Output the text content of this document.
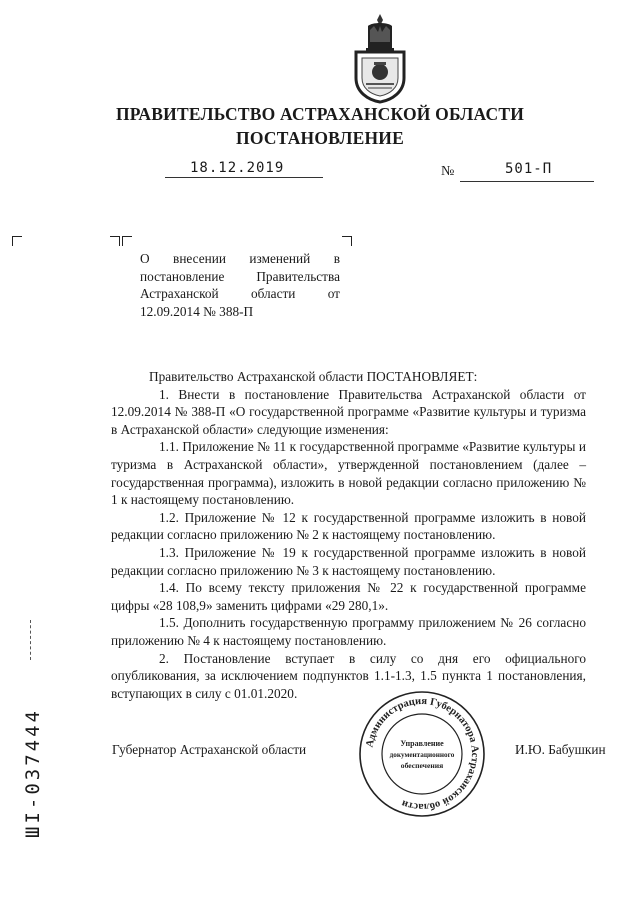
ПРАВИТЕЛЬСТВО АСТРАХАНСКОЙ ОБЛАСТИ
ПОСТАНОВЛЕНИЕ
18.12.2019	№	501-П
О внесении изменений в постановление Правительства Астраханской области от 12.09.2014 № 388-П

Правительство Астраханской области ПОСТАНОВЛЯЕТ:

1. Внести в постановление Правительства Астраханской области от 12.09.2014 № 388-П «О государственной программе «Развитие культуры и туризма в Астраханской области» следующие изменения:

1.1. Приложение № 11 к государственной программе «Развитие культуры и туризма в Астраханской области», утвержденной постановлением (далее – государственная программа), изложить в новой редакции согласно приложению № 1 к настоящему постановлению.

1.2. Приложение № 12 к государственной программе изложить в новой редакции согласно приложению № 2 к настоящему постановлению.

1.3. Приложение № 19 к государственной программе изложить в новой редакции согласно приложению № 3 к настоящему постановлению.

1.4. По всему тексту приложения № 22 к государственной программе цифры «28 108,9» заменить цифрами «29 280,1».

1.5. Дополнить государственную программу приложением № 26 согласно приложению № 4 к настоящему постановлению.

2. Постановление вступает в силу со дня его официального опубликования, за исключением подпунктов 1.1-1.3, 1.5 пункта 1 постановления, вступающих в силу с 01.01.2020.

Губернатор Астраханской области	И.Ю. Бабушкин
Администрация Губернатора Астраханской области
Управление
документационного
обеспечения
ШI-037444
